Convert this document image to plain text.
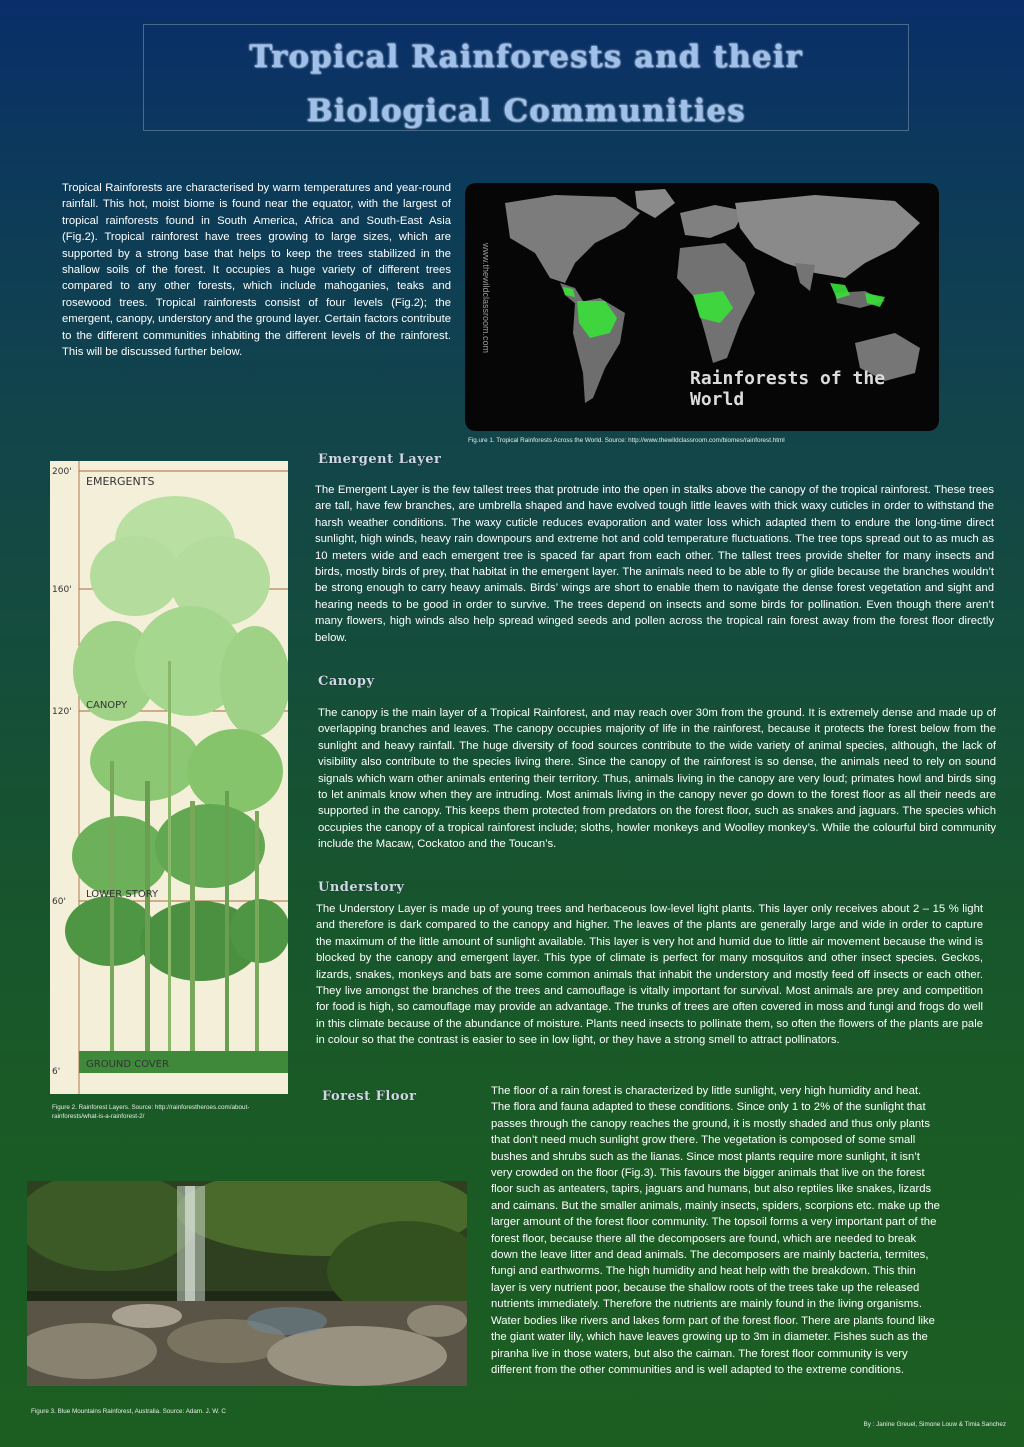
Tropical Rainforests and their
Biological Communities
Tropical Rainforests are characterised by warm temperatures and year-round rainfall. This hot, moist biome is found near the equator, with the largest of tropical rainforests found in South America, Africa and South-East Asia (Fig.2). Tropical rainforest have trees growing to large sizes, which are supported by a strong base that helps to keep the trees stabilized in the shallow soils of the forest. It occupies a huge variety of different trees compared to any other forests, which include mahoganies, teaks and rosewood trees. Tropical rainforests consist of four levels (Fig.2); the emergent, canopy, understory and the ground layer. Certain factors contribute to the different communities inhabiting the different levels of the rainforest. This will be discussed further below.
Rainforests of the World
www.thewildclassroom.com
Fig.ure 1. Tropical Rainforests Across the World. Source: http://www.thewildclassroom.com/biomes/rainforest.html
200'
160'
120'
60'
6'
EMERGENTS
CANOPY
LOWER STORY
GROUND COVER
Figure 2. Rainforest Layers. Source: http://rainforestheroes.com/about-rainforests/what-is-a-rainforest-2/
Emergent Layer
The Emergent Layer is the few tallest trees that protrude into the open in stalks above the canopy of the tropical rainforest. These trees are tall, have few branches, are umbrella shaped and have evolved tough little leaves with thick waxy cuticles in order to withstand the harsh weather conditions. The waxy cuticle reduces evaporation and water loss which adapted them to endure the long-time direct sunlight, high winds, heavy rain downpours and extreme hot and cold temperature fluctuations. The tree tops spread out to as much as 10 meters wide and each emergent tree is spaced far apart from each other. The tallest trees provide shelter for many insects and birds, mostly birds of prey, that habitat in the emergent layer. The animals need to be able to fly or glide because the branches wouldn’t be strong enough to carry heavy animals. Birds’ wings are short to enable them to navigate the dense forest vegetation and sight and hearing needs to be good in order to survive. The trees depend on insects and some birds for pollination. Even though there aren’t many flowers, high winds also help spread winged seeds and pollen across the tropical rain forest away from the forest floor directly below.
Canopy
The canopy is the main layer of a Tropical Rainforest, and may reach over 30m from the ground. It is extremely dense and made up of overlapping branches and leaves. The canopy occupies majority of life in the rainforest, because it protects the forest below from the sunlight and heavy rainfall. The huge diversity of food sources contribute to the wide variety of animal species, although, the lack of visibility also contribute to the species living there. Since the canopy of the rainforest is so dense, the animals need to rely on sound signals which warn other animals entering their territory. Thus, animals living in the canopy are very loud; primates howl and birds sing to let animals know when they are intruding. Most animals living in the canopy never go down to the forest floor as all their needs are supported in the canopy. This keeps them protected from predators on the forest floor, such as snakes and jaguars. The species which occupies the canopy of a tropical rainforest include; sloths, howler monkeys and Woolley monkey’s. While the colourful bird community include the Macaw, Cockatoo and the Toucan’s.
Understory
The Understory Layer is made up of young trees and herbaceous low-level light plants. This layer only receives about 2 – 15 % light and therefore is dark compared to the canopy and higher. The leaves of the plants are generally large and wide in order to capture the maximum of the little amount of sunlight available. This layer is very hot and humid due to little air movement because the wind is blocked by the canopy and emergent layer. This type of climate is perfect for many mosquitos and other insect species. Geckos, lizards, snakes, monkeys and bats are some common animals that inhabit the understory and mostly feed off insects or each other. They live amongst the branches of the trees and camouflage is vitally important for survival. Most animals are prey and competition for food is high, so camouflage may provide an advantage. The trunks of trees are often covered in moss and fungi and frogs do well in this climate because of the abundance of moisture. Plants need insects to pollinate them, so often the flowers of the plants are pale in colour so that the contrast is easier to see in low light, or they have a strong smell to attract pollinators.
Forest Floor	The floor of a rain forest is characterized by little sunlight, very high humidity and heat. The flora and fauna adapted to these conditions. Since only 1 to 2% of the sunlight that passes through the canopy reaches the ground, it is mostly shaded and thus only plants that don’t need much sunlight grow there. The vegetation is composed of some small bushes and shrubs such as the lianas. Since most plants require more sunlight, it isn’t very crowded on the floor (Fig.3). This favours the bigger animals that live on the forest floor such as anteaters, tapirs, jaguars and humans, but also reptiles like snakes, lizards and caimans. But the smaller animals, mainly insects, spiders, scorpions etc. make up the larger amount of the forest floor community. The topsoil forms a very important part of the forest floor, because there all the decomposers are found, which are needed to break down the leave litter and dead animals. The decomposers are mainly bacteria, termites, fungi and earthworms. The high humidity and heat help with the breakdown. This thin layer is very nutrient poor, because the shallow roots of the trees take up the released nutrients immediately. Therefore the nutrients are mainly found in the living organisms. Water bodies like rivers and lakes form part of the forest floor. There are plants found like the giant water lily, which have leaves growing up to 3m in diameter. Fishes such as the piranha live in those waters, but also the caiman. The forest floor community is very different from the other communities and is well adapted to the extreme conditions.
Figure 3. Blue Mountains Rainforest, Australia. Source: Adam. J. W. C
By : Janine Greuel, Simone Louw & Timia Sanchez
